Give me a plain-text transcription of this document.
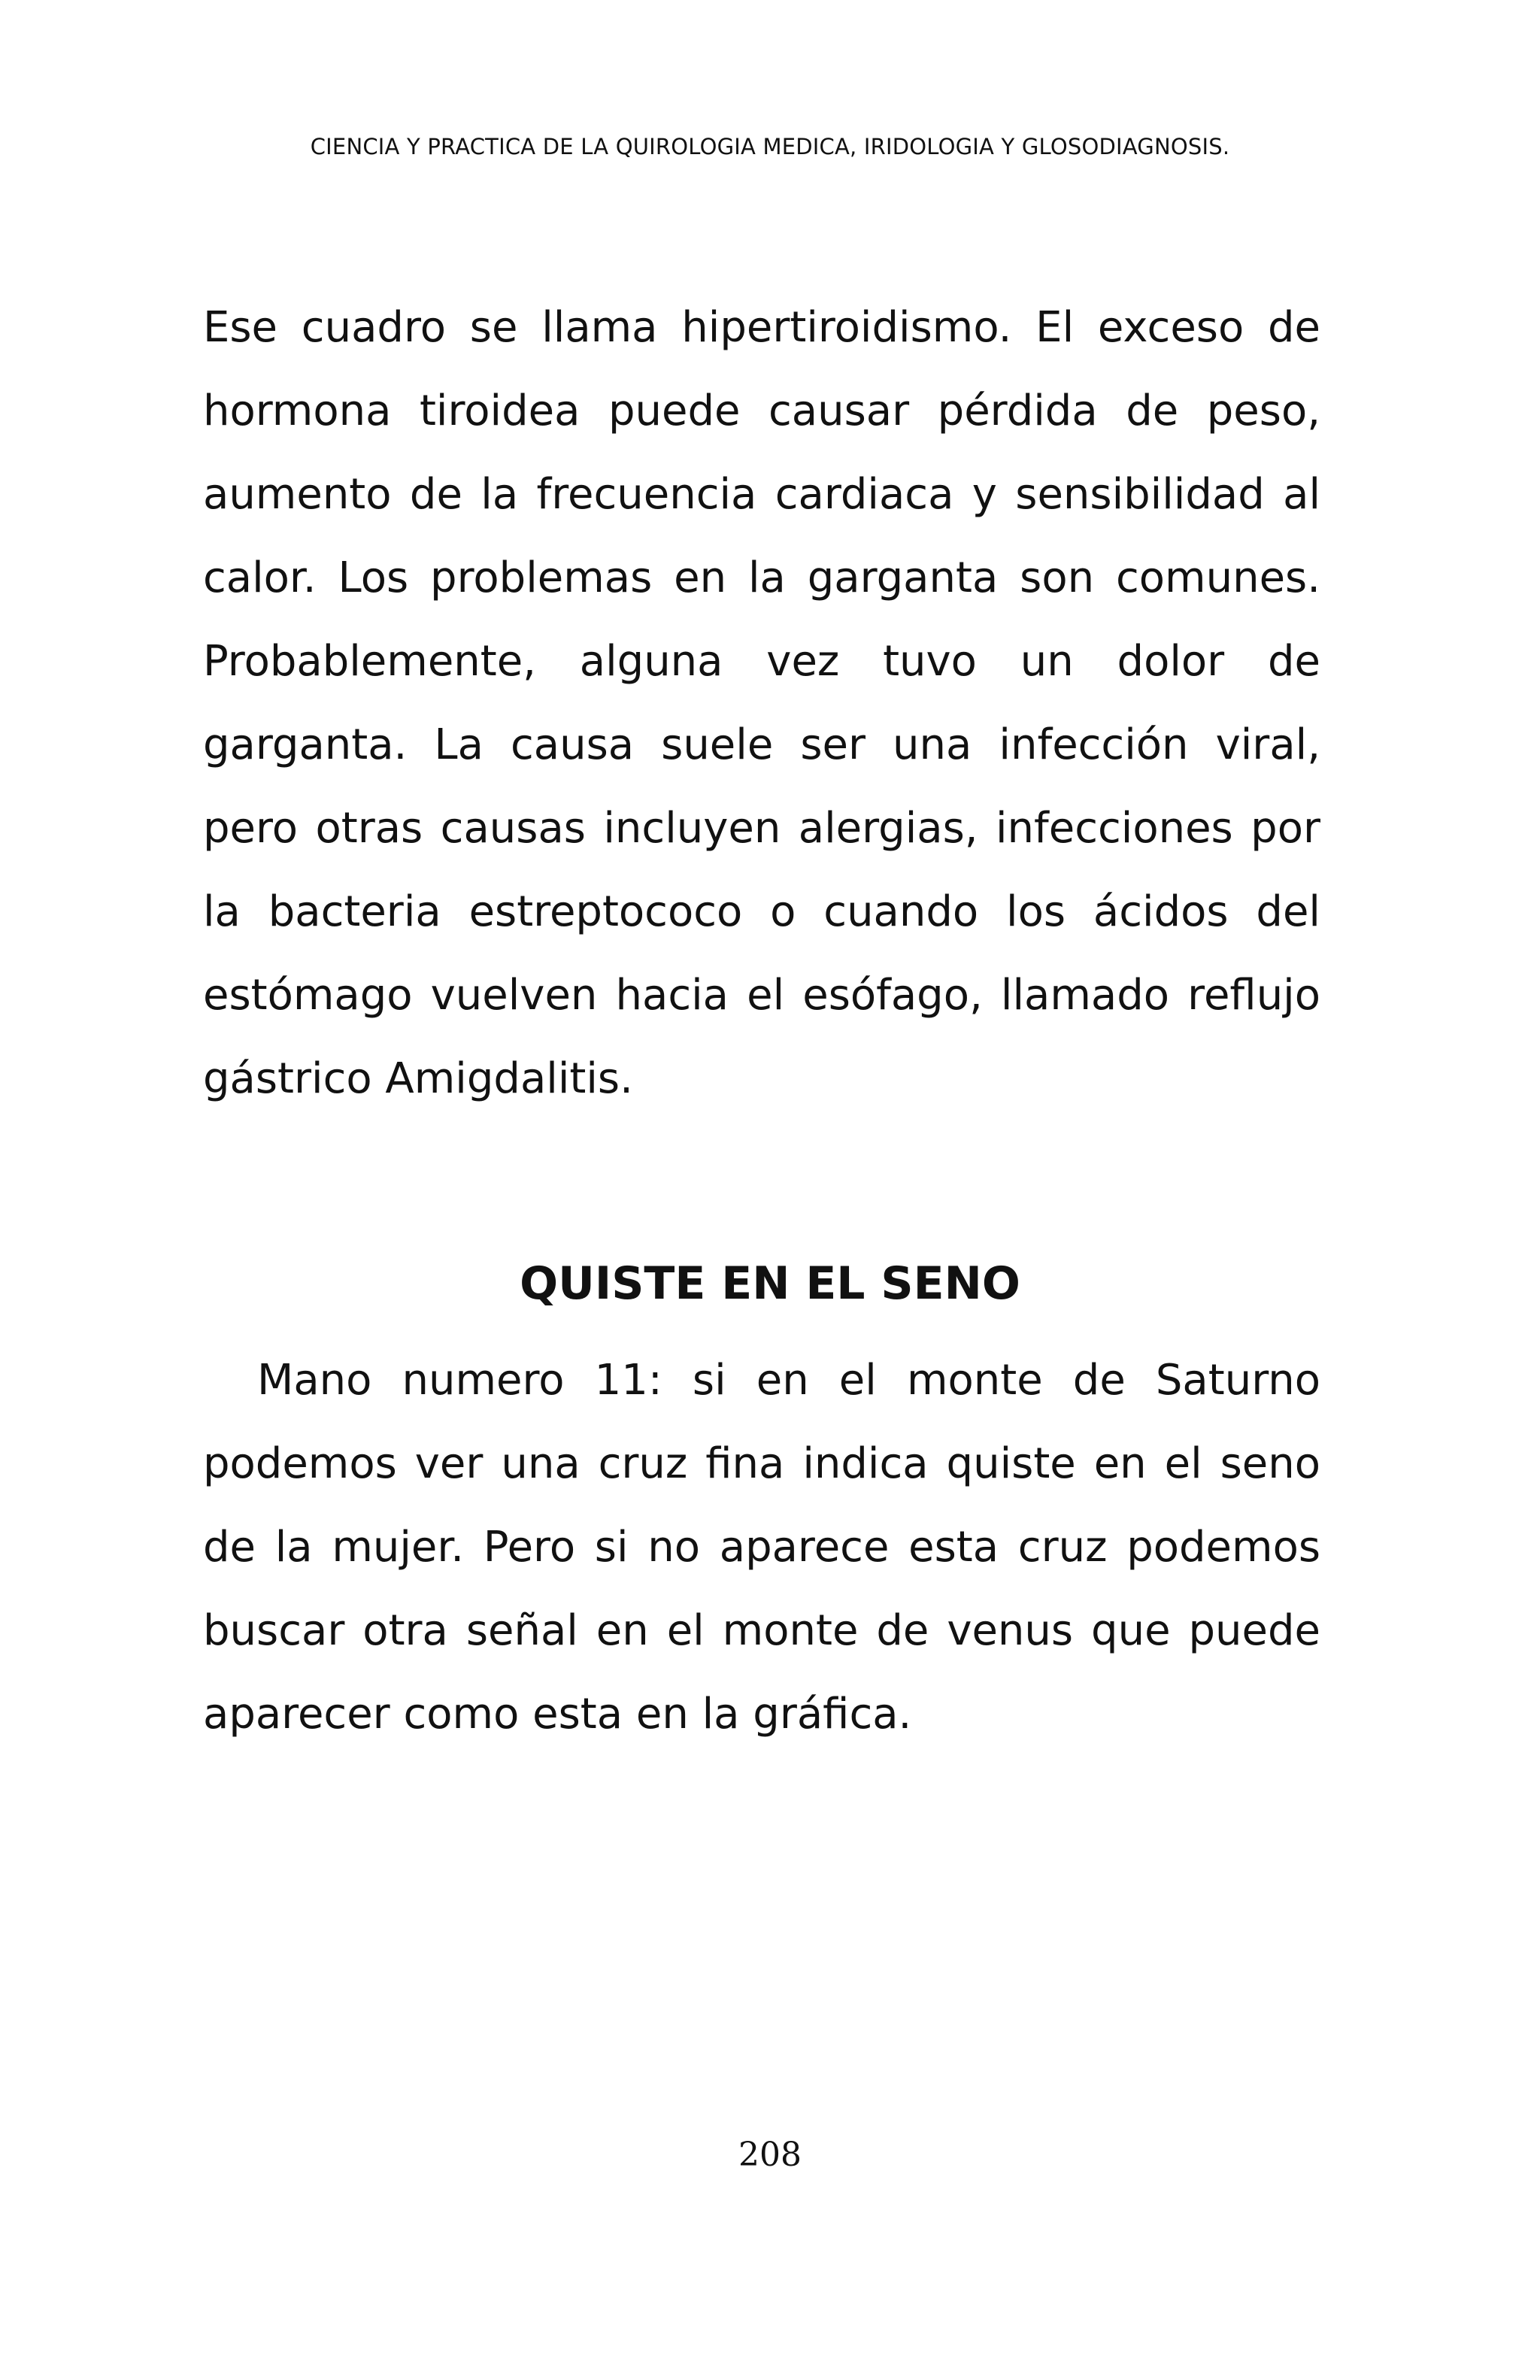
CIENCIA Y PRACTICA DE LA QUIROLOGIA MEDICA, IRIDOLOGIA Y GLOSODIAGNOSIS.

Ese cuadro se llama hipertiroidismo. El exceso de hormona tiroidea puede causar pérdida de peso, aumento de la frecuencia cardiaca y sensibilidad al calor. Los problemas en la garganta son comunes. Probablemente, alguna vez tuvo un dolor de garganta. La causa suele ser una infección viral, pero otras causas incluyen alergias, infecciones por la bacteria estreptococo o cuando los ácidos del estómago vuelven hacia el esófago, llamado reflujo gástrico Amigdalitis.

QUISTE EN EL SENO

Mano numero 11: si en el monte de Saturno podemos ver una cruz fina indica quiste en el seno de la mujer. Pero si no aparece esta cruz podemos buscar otra señal en el monte de venus que puede aparecer como esta en la gráfica.

208
